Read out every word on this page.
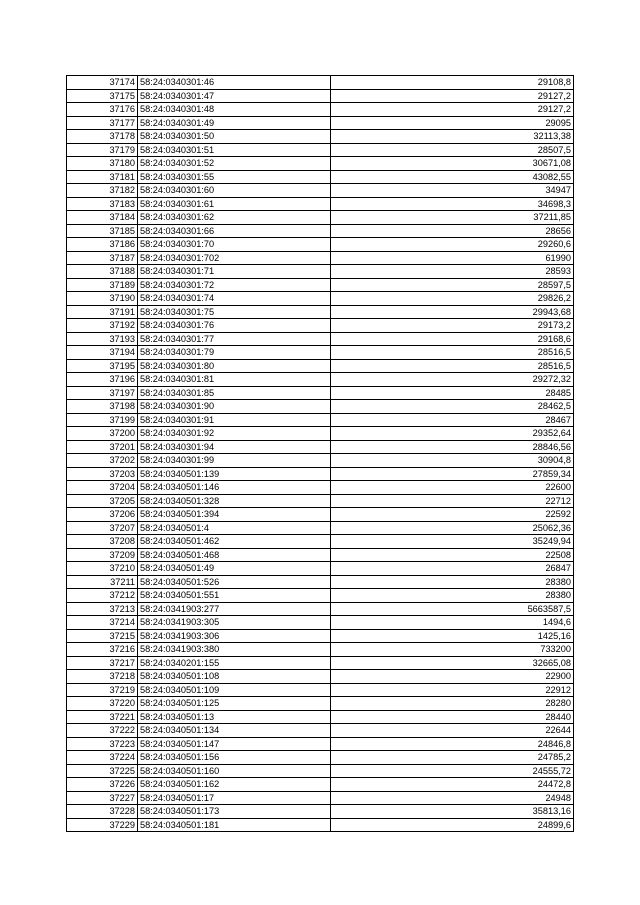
37174	58:24:0340301:46	29108,8
37175	58:24:0340301:47	29127,2
37176	58:24:0340301:48	29127,2
37177	58:24:0340301:49	29095
37178	58:24:0340301:50	32113,38
37179	58:24:0340301:51	28507,5
37180	58:24:0340301:52	30671,08
37181	58:24:0340301:55	43082,55
37182	58:24:0340301:60	34947
37183	58:24:0340301:61	34698,3
37184	58:24:0340301:62	37211,85
37185	58:24:0340301:66	28656
37186	58:24:0340301:70	29260,6
37187	58:24:0340301:702	61990
37188	58:24:0340301:71	28593
37189	58:24:0340301:72	28597,5
37190	58:24:0340301:74	29826,2
37191	58:24:0340301:75	29943,68
37192	58:24:0340301:76	29173,2
37193	58:24:0340301:77	29168,6
37194	58:24:0340301:79	28516,5
37195	58:24:0340301:80	28516,5
37196	58:24:0340301:81	29272,32
37197	58:24:0340301:85	28485
37198	58:24:0340301:90	28462,5
37199	58:24:0340301:91	28467
37200	58:24:0340301:92	29352,64
37201	58:24:0340301:94	28846,56
37202	58:24:0340301:99	30904,8
37203	58:24:0340501:139	27859,34
37204	58:24:0340501:146	22600
37205	58:24:0340501:328	22712
37206	58:24:0340501:394	22592
37207	58:24:0340501:4	25062,36
37208	58:24:0340501:462	35249,94
37209	58:24:0340501:468	22508
37210	58:24:0340501:49	26847
37211	58:24:0340501:526	28380
37212	58:24:0340501:551	28380
37213	58:24:0341903:277	5663587,5
37214	58:24:0341903:305	1494,6
37215	58:24:0341903:306	1425,16
37216	58:24:0341903:380	733200
37217	58:24:0340201:155	32665,08
37218	58:24:0340501:108	22900
37219	58:24:0340501:109	22912
37220	58:24:0340501:125	28280
37221	58:24:0340501:13	28440
37222	58:24:0340501:134	22644
37223	58:24:0340501:147	24846,8
37224	58:24:0340501:156	24785,2
37225	58:24:0340501:160	24555,72
37226	58:24:0340501:162	24472,8
37227	58:24:0340501:17	24948
37228	58:24:0340501:173	35813,16
37229	58:24:0340501:181	24899,6
